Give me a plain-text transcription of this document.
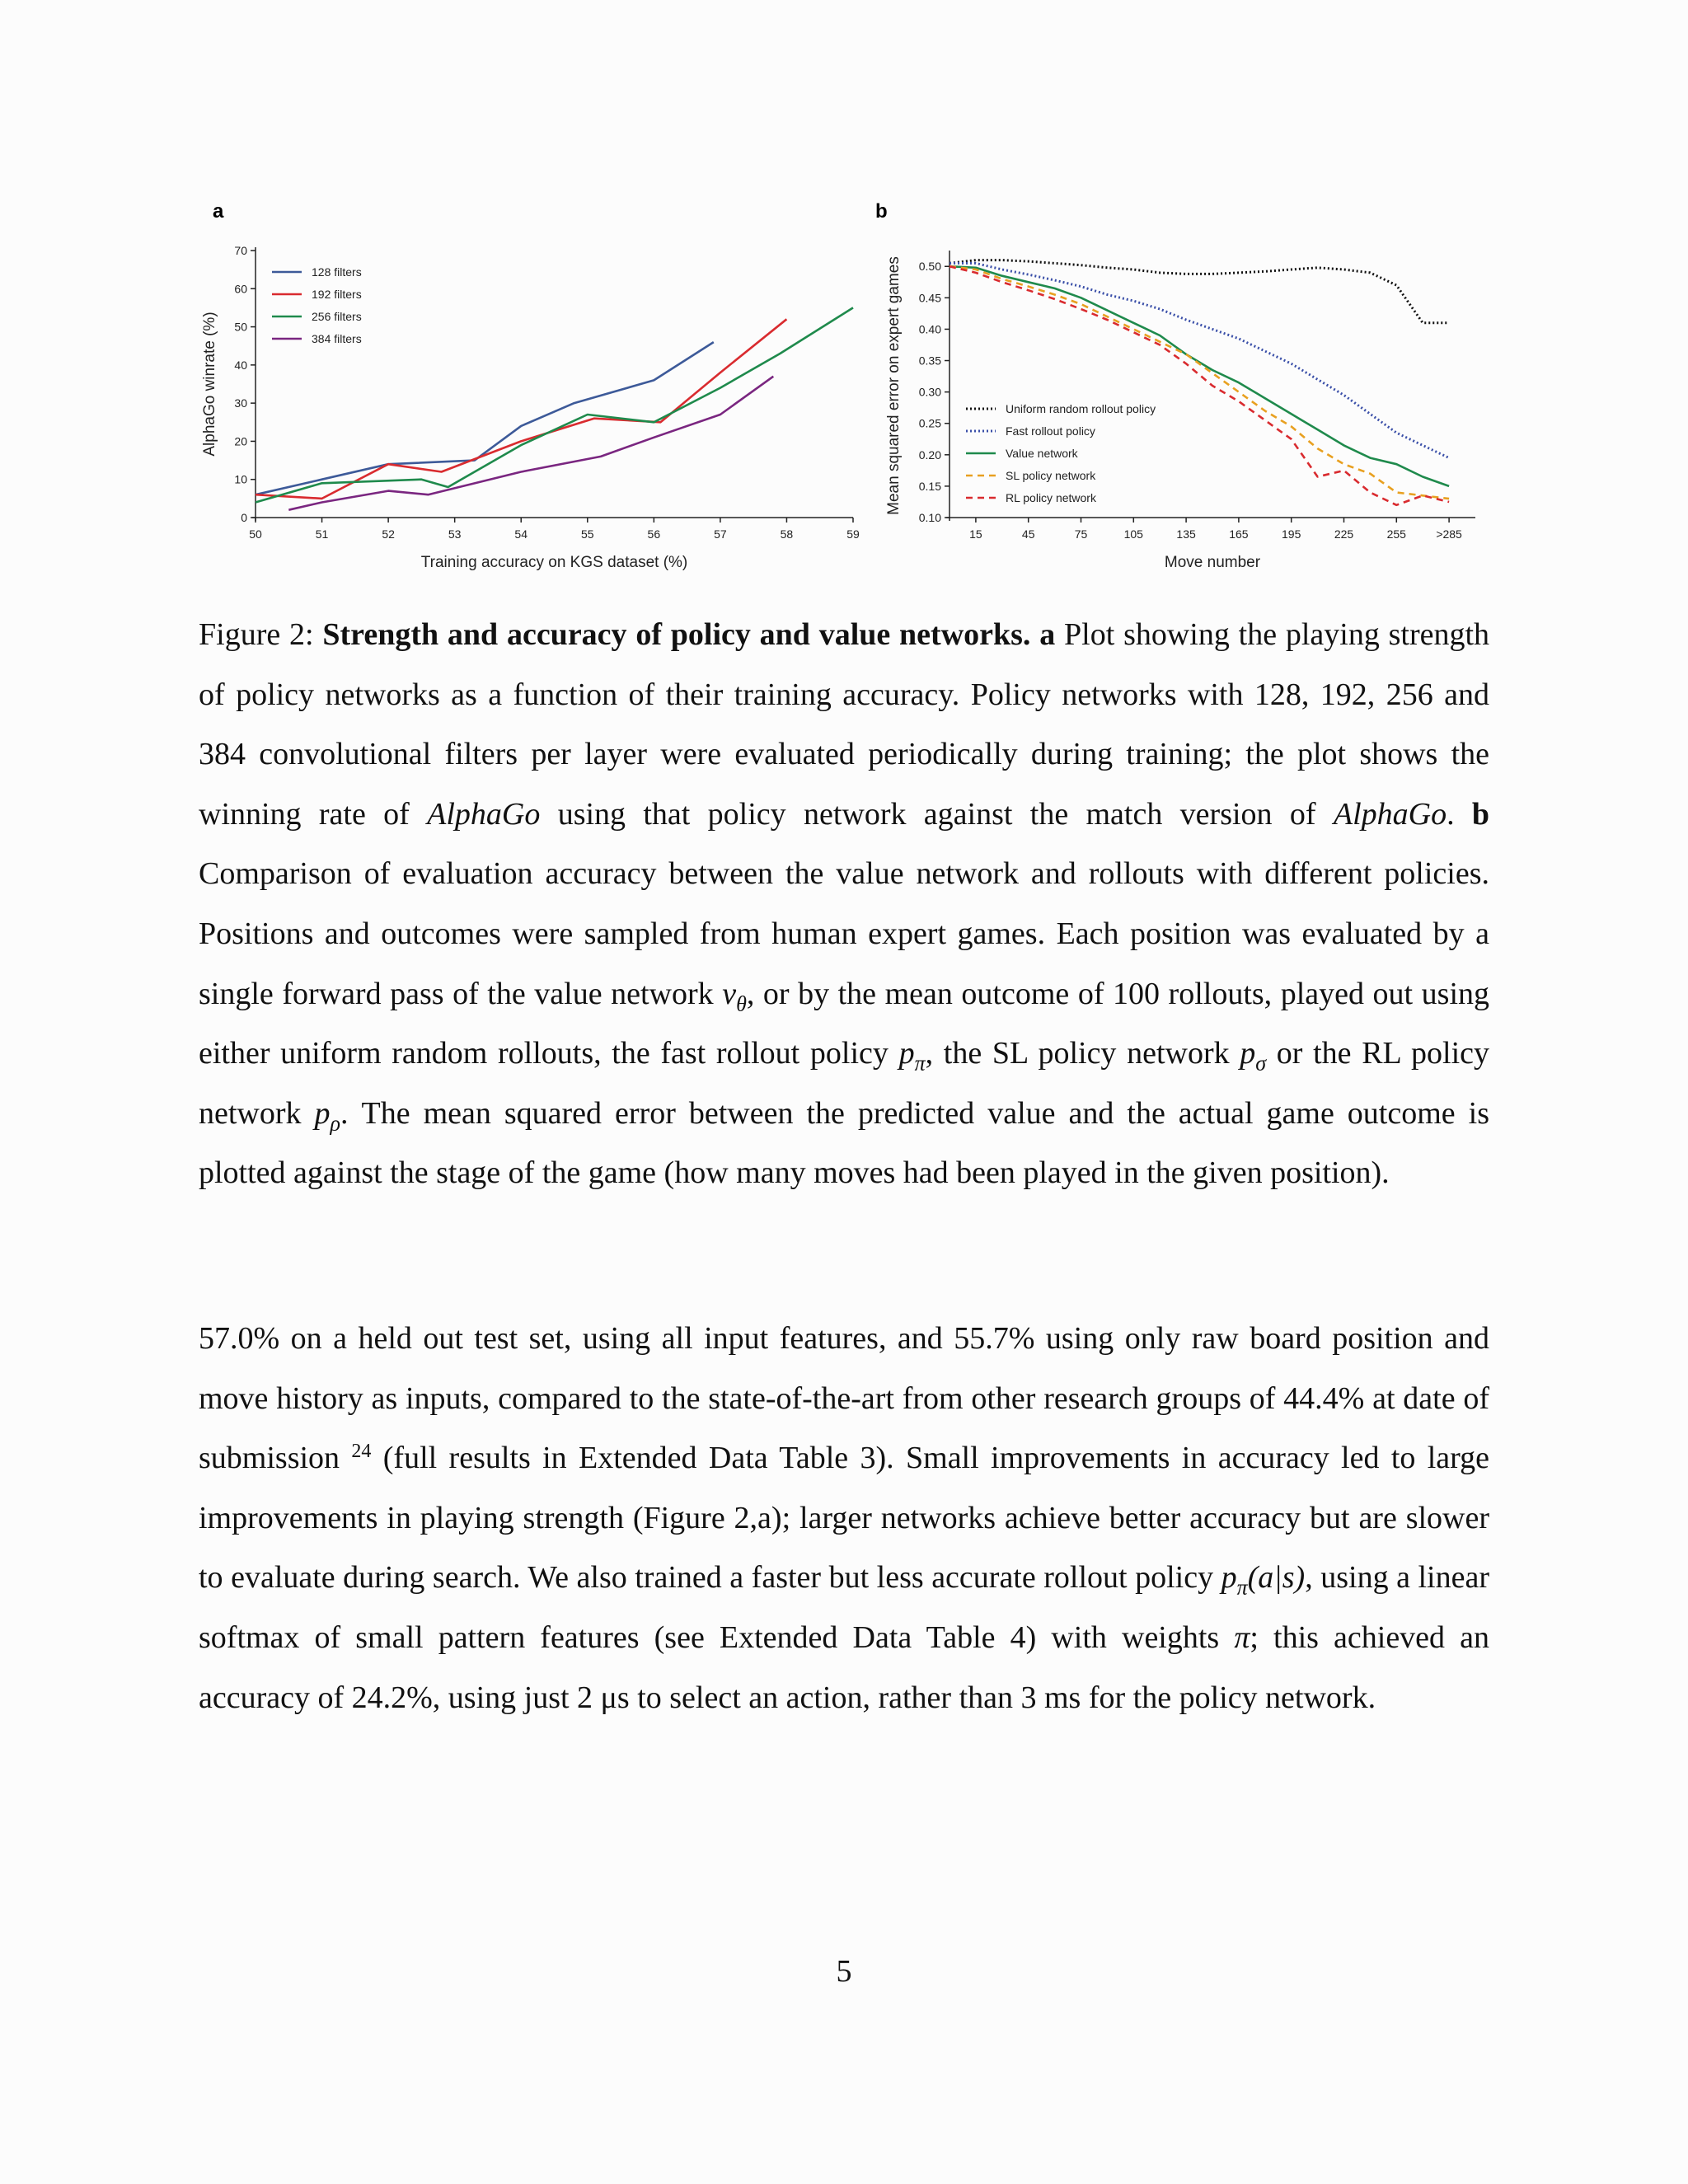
a
0
10
20
30
40
50
60
70
50	51	52	53	54	55	56	57	58	59
Training accuracy on KGS dataset (%)
AlphaGo winrate (%)
128 filters
192 filters
256 filters
384 filters
b
0.10
0.15
0.20
0.25
0.30
0.35
0.40
0.45
0.50
15	45	75	105	135	165	195	225	255	>285
Move number
Mean squared error on expert games	Uniform random rollout policy
Fast rollout policy
Value network
SL policy network
RL policy network

Figure 2: Strength and accuracy of policy and value networks. a Plot showing the playing strength of policy networks as a function of their training accuracy. Policy networks with 128, 192, 256 and 384 convolutional filters per layer were evaluated periodically during training; the plot shows the winning rate of AlphaGo using that policy network against the match version of AlphaGo. b Comparison of evaluation accuracy between the value network and rollouts with different policies. Positions and outcomes were sampled from human expert games. Each position was evaluated by a single forward pass of the value network $v_\theta$, or by the mean outcome of 100 rollouts, played out using either uniform random rollouts, the fast rollout policy $p_\pi$, the SL policy network $p_\sigma$ or the RL policy network $p_\rho$. The mean squared error between the predicted value and the actual game outcome is plotted against the stage of the game (how many moves had been played in the given position).

57.0% on a held out test set, using all input features, and 55.7% using only raw board position and move history as inputs, compared to the state-of-the-art from other research groups of 44.4% at date of submission $^{24}$ (full results in Extended Data Table 3). Small improvements in accuracy led to large improvements in playing strength (Figure 2,a); larger networks achieve better accuracy but are slower to evaluate during search. We also trained a faster but less accurate rollout policy $p_\pi(a|s)$, using a linear softmax of small pattern features (see Extended Data Table 4) with weights π; this achieved an accuracy of 24.2%, using just 2 μs to select an action, rather than 3 ms for the policy network.

5
